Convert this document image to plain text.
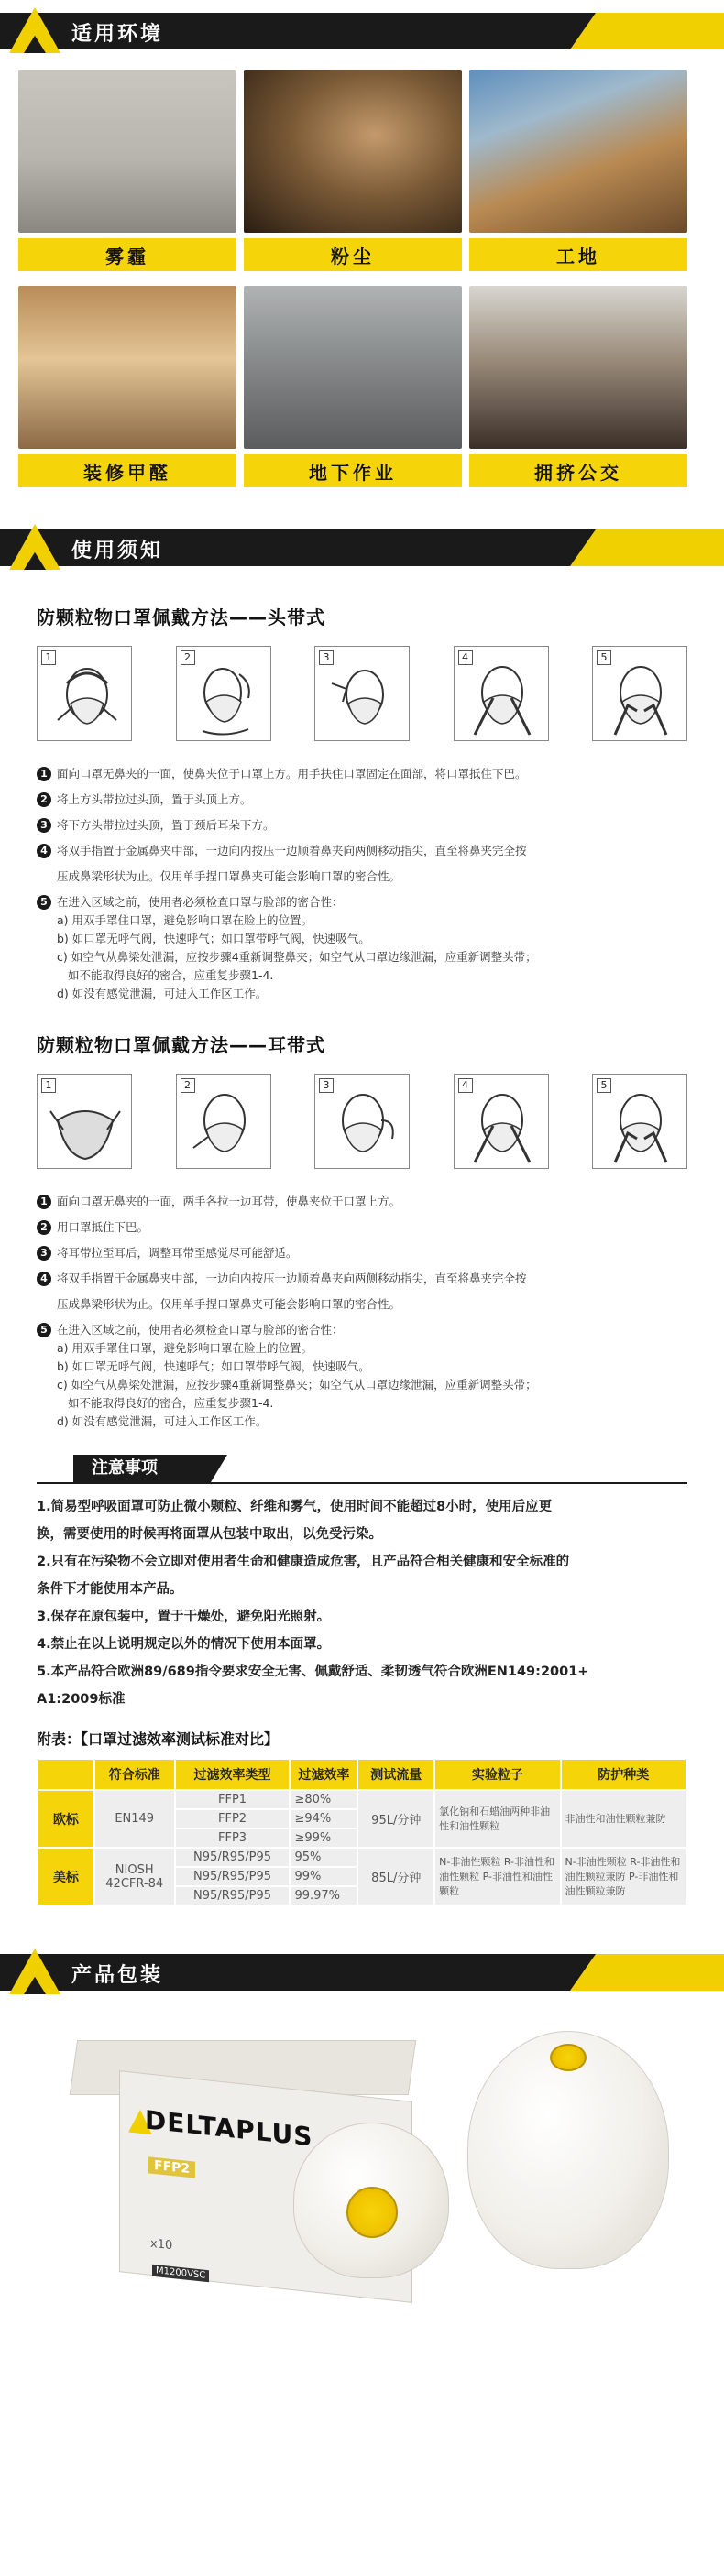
适用环境
雾霾	粉尘	工地
装修甲醛	地下作业	拥挤公交
使用须知
防颗粒物口罩佩戴方法——头带式
1	2	3	4	5
1 面向口罩无鼻夹的一面，使鼻夹位于口罩上方。用手扶住口罩固定在面部，将口罩抵住下巴。
2 将上方头带拉过头顶，置于头顶上方。
3 将下方头带拉过头顶，置于颈后耳朵下方。
4 将双手指置于金属鼻夹中部，一边向内按压一边顺着鼻夹向两侧移动指尖，直至将鼻夹完全按
压成鼻梁形状为止。仅用单手捏口罩鼻夹可能会影响口罩的密合性。
5 在进入区域之前，使用者必须检查口罩与脸部的密合性：
a) 用双手罩住口罩，避免影响口罩在脸上的位置。
b) 如口罩无呼气阀，快速呼气；如口罩带呼气阀，快速吸气。
c) 如空气从鼻梁处泄漏，应按步骤4重新调整鼻夹；如空气从口罩边缘泄漏，应重新调整头带；
如不能取得良好的密合，应重复步骤1-4.
d) 如没有感觉泄漏，可进入工作区工作。
防颗粒物口罩佩戴方法——耳带式
1	2	3	4	5
1 面向口罩无鼻夹的一面，两手各拉一边耳带，使鼻夹位于口罩上方。
2 用口罩抵住下巴。
3 将耳带拉至耳后，调整耳带至感觉尽可能舒适。
4 将双手指置于金属鼻夹中部，一边向内按压一边顺着鼻夹向两侧移动指尖，直至将鼻夹完全按
压成鼻梁形状为止。仅用单手捏口罩鼻夹可能会影响口罩的密合性。
5 在进入区域之前，使用者必须检查口罩与脸部的密合性：
a) 用双手罩住口罩，避免影响口罩在脸上的位置。
b) 如口罩无呼气阀，快速呼气；如口罩带呼气阀，快速吸气。
c) 如空气从鼻梁处泄漏，应按步骤4重新调整鼻夹；如空气从口罩边缘泄漏，应重新调整头带；
如不能取得良好的密合，应重复步骤1-4.
d) 如没有感觉泄漏，可进入工作区工作。
注意事项
1.简易型呼吸面罩可防止微小颗粒、纤维和雾气，使用时间不能超过8小时，使用后应更
换，需要使用的时候再将面罩从包装中取出，以免受污染。
2.只有在污染物不会立即对使用者生命和健康造成危害，且产品符合相关健康和安全标准的
条件下才能使用本产品。
3.保存在原包装中，置于干燥处，避免阳光照射。
4.禁止在以上说明规定以外的情况下使用本面罩。
5.本产品符合欧洲89/689指令要求安全无害、佩戴舒适、柔韧透气符合欧洲EN149:2001+
A1:2009标准
附表：【口罩过滤效率测试标准对比】
	符合标准	过滤效率类型	过滤效率	测试流量	实验粒子	防护种类
欧标	EN149	FFP1	≥80%	95L/分钟	氯化钠和石蜡油两种非油性和油性颗粒	非油性和油性颗粒兼防
		FFP2	≥94%			
		FFP3	≥99%			
美标	NIOSH 42CFR-84	N95/R95/P95	95%	85L/分钟	N-非油性颗粒 R-非油性和油性颗粒 P-非油性和油性颗粒	N-非油性颗粒 R-非油性和油性颗粒兼防 P-非油性和油性颗粒兼防
		N95/R95/P95	99%			
		N95/R95/P95	99.97%			
产品包装
DELTAPLUS
FFP2
x10
M1200VSC
